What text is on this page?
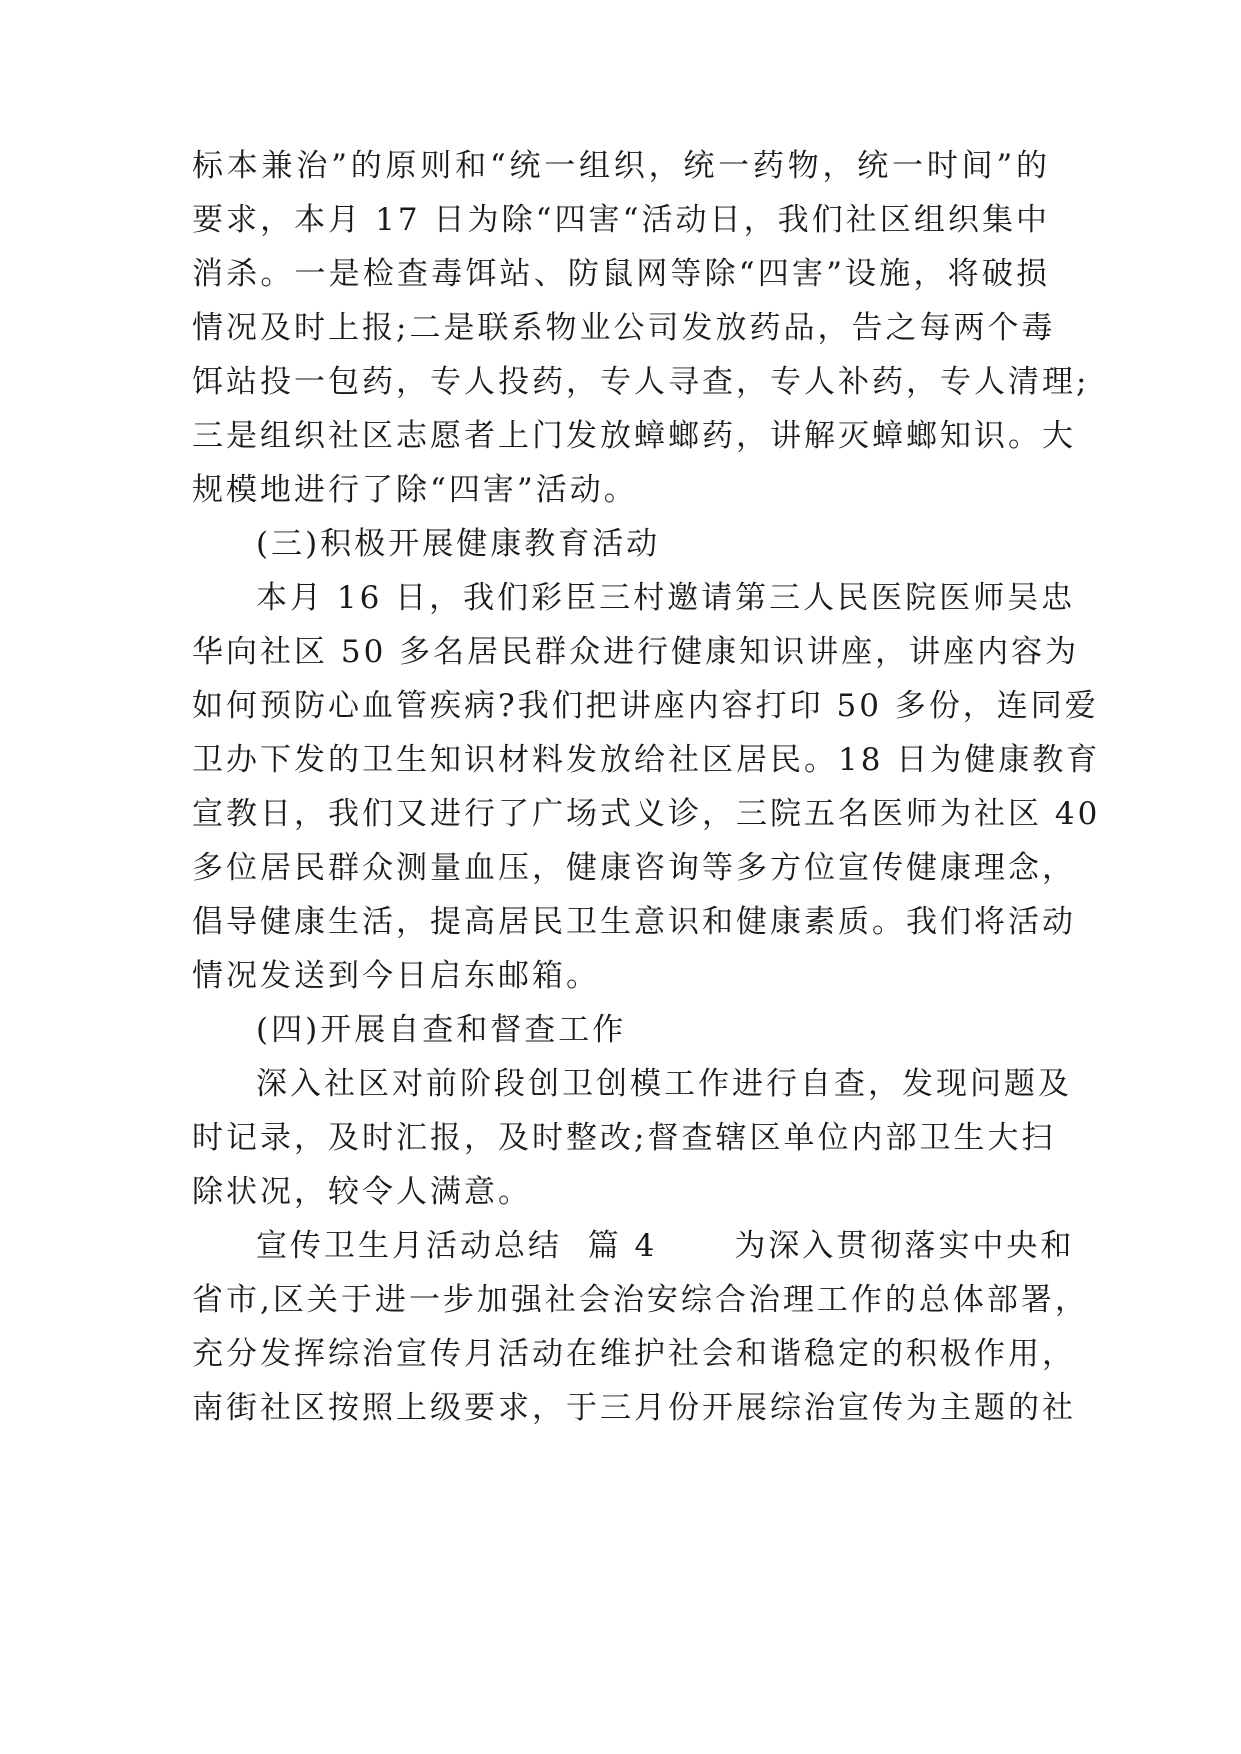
标本兼治”的原则和“统一组织，统一药物，统一时间”的
要求，本月 17 日为除“四害“活动日，我们社区组织集中
消杀。一是检查毒饵站、防鼠网等除“四害”设施，将破损
情况及时上报;二是联系物业公司发放药品，告之每两个毒
饵站投一包药，专人投药，专人寻查，专人补药，专人清理;
三是组织社区志愿者上门发放蟑螂药，讲解灭蟑螂知识。大
规模地进行了除“四害”活动。
(三)积极开展健康教育活动
本月 16 日，我们彩臣三村邀请第三人民医院医师吴忠
华向社区 50 多名居民群众进行健康知识讲座，讲座内容为
如何预防心血管疾病?我们把讲座内容打印 50 多份，连同爱
卫办下发的卫生知识材料发放给社区居民。18 日为健康教育
宣教日，我们又进行了广场式义诊，三院五名医师为社区 40
多位居民群众测量血压，健康咨询等多方位宣传健康理念，
倡导健康生活，提高居民卫生意识和健康素质。我们将活动
情况发送到今日启东邮箱。
(四)开展自查和督查工作
深入社区对前阶段创卫创模工作进行自查，发现问题及
时记录，及时汇报，及时整改;督查辖区单位内部卫生大扫
除状况，较令人满意。
宣传卫生月活动总结  篇 4      为深入贯彻落实中央和
省市,区关于进一步加强社会治安综合治理工作的总体部署，
充分发挥综治宣传月活动在维护社会和谐稳定的积极作用，
南街社区按照上级要求，于三月份开展综治宣传为主题的社
